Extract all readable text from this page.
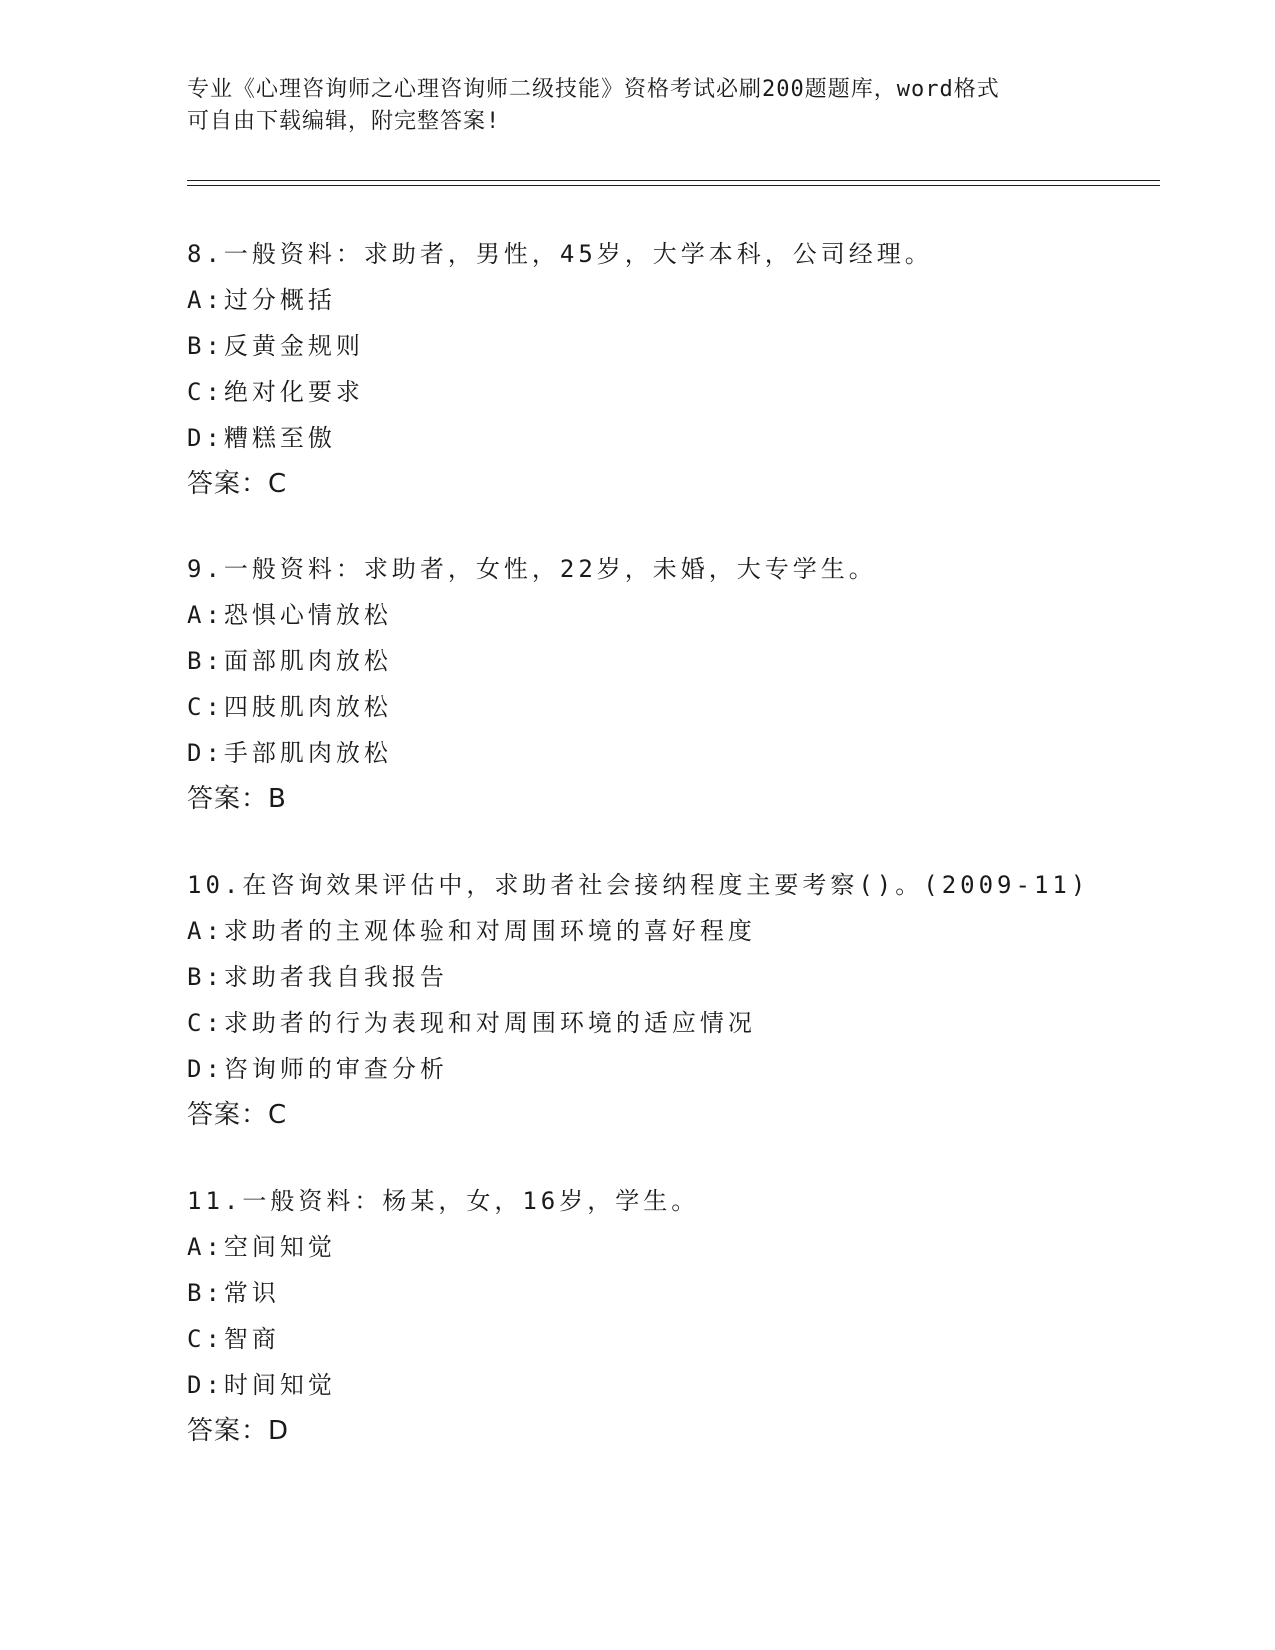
专业《心理咨询师之心理咨询师二级技能》资格考试必刷200题题库，word格式
可自由下载编辑，附完整答案!
8.一般资料：求助者，男性，45岁，大学本科，公司经理。
A:过分概括
B:反黄金规则
C:绝对化要求
D:糟糕至傲
答案：C
9.一般资料：求助者，女性，22岁，未婚，大专学生。
A:恐惧心情放松
B:面部肌肉放松
C:四肢肌肉放松
D:手部肌肉放松
答案：B
10.在咨询效果评估中，求助者社会接纳程度主要考察()。(2009-11)
A:求助者的主观体验和对周围环境的喜好程度
B:求助者我自我报告
C:求助者的行为表现和对周围环境的适应情况
D:咨询师的审查分析
答案：C
11.一般资料：杨某，女，16岁，学生。
A:空间知觉
B:常识
C:智商
D:时间知觉
答案：D
